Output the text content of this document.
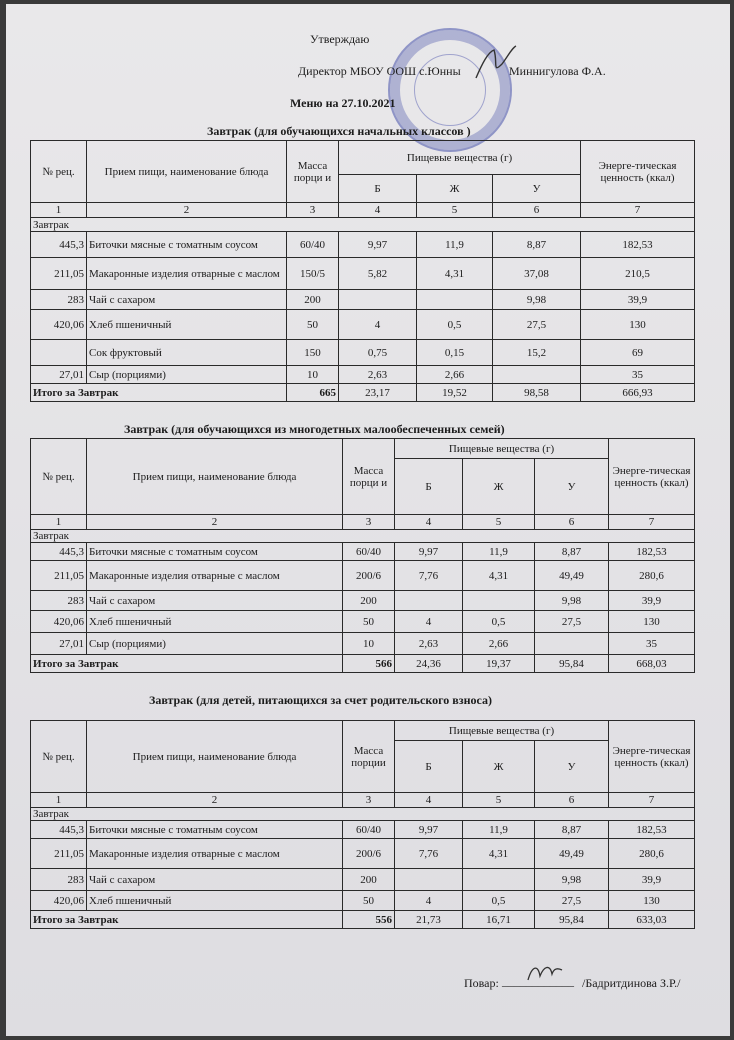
Утверждаю
Директор МБОУ ООШ с.Юнны	Миннигулова Ф.А.
Меню на 27.10.2021
Завтрак (для обучающихся начальных классов )
№ рец.	Прием пищи, наименование блюда	Масса порци и	Пищевые вещества (г)			Энерге-тическая ценность (ккал)
			Б	Ж	У	
1	2	3	4	5	6	7
Завтрак						
445,3	Биточки мясные с томатным соусом	60/40	9,97	11,9	8,87	182,53
211,05	Макаронные изделия отварные с маслом	150/5	5,82	4,31	37,08	210,5
283	Чай с сахаром	200			9,98	39,9
420,06	Хлеб пшеничный	50	4	0,5	27,5	130
	Сок фруктовый	150	0,75	0,15	15,2	69
27,01	Сыр (порциями)	10	2,63	2,66		35
Итого за Завтрак		665	23,17	19,52	98,58	666,93
Завтрак (для обучающихся из многодетных малообеспеченных семей)
№ рец.	Прием пищи, наименование блюда	Масса порци и	Пищевые вещества (г)			Энерге-тическая ценность (ккал)
			Б	Ж	У	
1	2	3	4	5	6	7
Завтрак						
445,3	Биточки мясные с томатным соусом	60/40	9,97	11,9	8,87	182,53
211,05	Макаронные изделия отварные с маслом	200/6	7,76	4,31	49,49	280,6
283	Чай с сахаром	200			9,98	39,9
420,06	Хлеб пшеничный	50	4	0,5	27,5	130
27,01	Сыр (порциями)	10	2,63	2,66		35
Итого за Завтрак		566	24,36	19,37	95,84	668,03
Завтрак (для детей, питающихся за счет родительского взноса)
№ рец.	Прием пищи, наименование блюда	Масса порции	Пищевые вещества (г)			Энерге-тическая ценность (ккал)
			Б	Ж	У	
1	2	3	4	5	6	7
Завтрак						
445,3	Биточки мясные с томатным соусом	60/40	9,97	11,9	8,87	182,53
211,05	Макаронные изделия отварные с маслом	200/6	7,76	4,31	49,49	280,6
283	Чай с сахаром	200			9,98	39,9
420,06	Хлеб пшеничный	50	4	0,5	27,5	130
Итого за Завтрак		556	21,73	16,71	95,84	633,03
Повар: ____________ /Бадритдинова З.Р./
